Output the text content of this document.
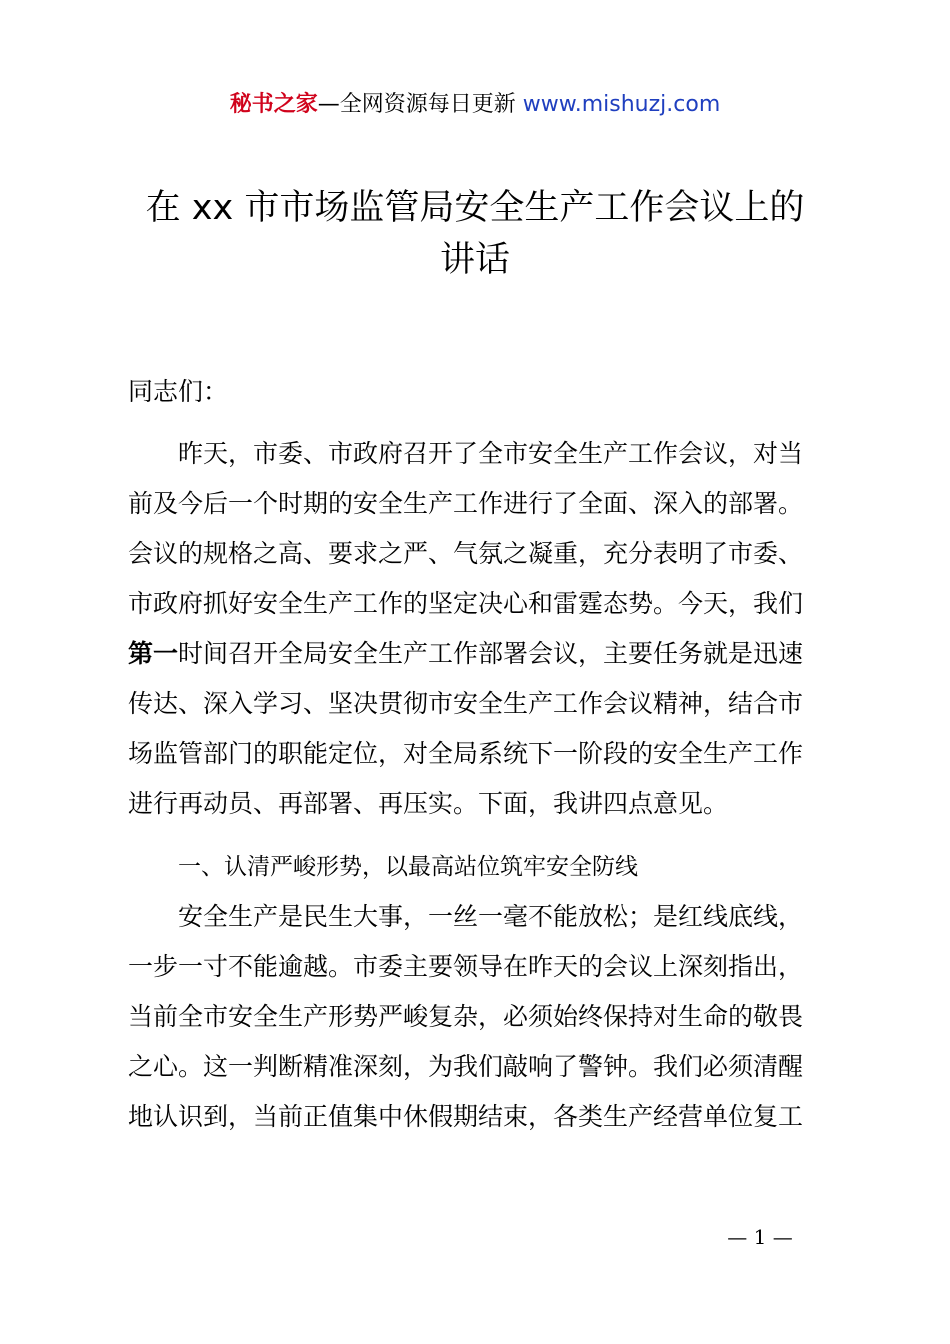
秘书之家—全网资源每日更新 www.mishuzj.com
在 xx 市市场监管局安全生产工作会议上的
讲话
同志们：
昨天，市委、市政府召开了全市安全生产工作会议，对当
前及今后一个时期的安全生产工作进行了全面、深入的部署。
会议的规格之高、要求之严、气氛之凝重，充分表明了市委、
市政府抓好安全生产工作的坚定决心和雷霆态势。今天，我们
第一时间召开全局安全生产工作部署会议，主要任务就是迅速
传达、深入学习、坚决贯彻市安全生产工作会议精神，结合市
场监管部门的职能定位，对全局系统下一阶段的安全生产工作
进行再动员、再部署、再压实。下面，我讲四点意见。
一、认清严峻形势，以最高站位筑牢安全防线
安全生产是民生大事，一丝一毫不能放松；是红线底线，
一步一寸不能逾越。市委主要领导在昨天的会议上深刻指出，
当前全市安全生产形势严峻复杂，必须始终保持对生命的敬畏
之心。这一判断精准深刻，为我们敲响了警钟。我们必须清醒
地认识到，当前正值集中休假期结束，各类生产经营单位复工
— 1 —
